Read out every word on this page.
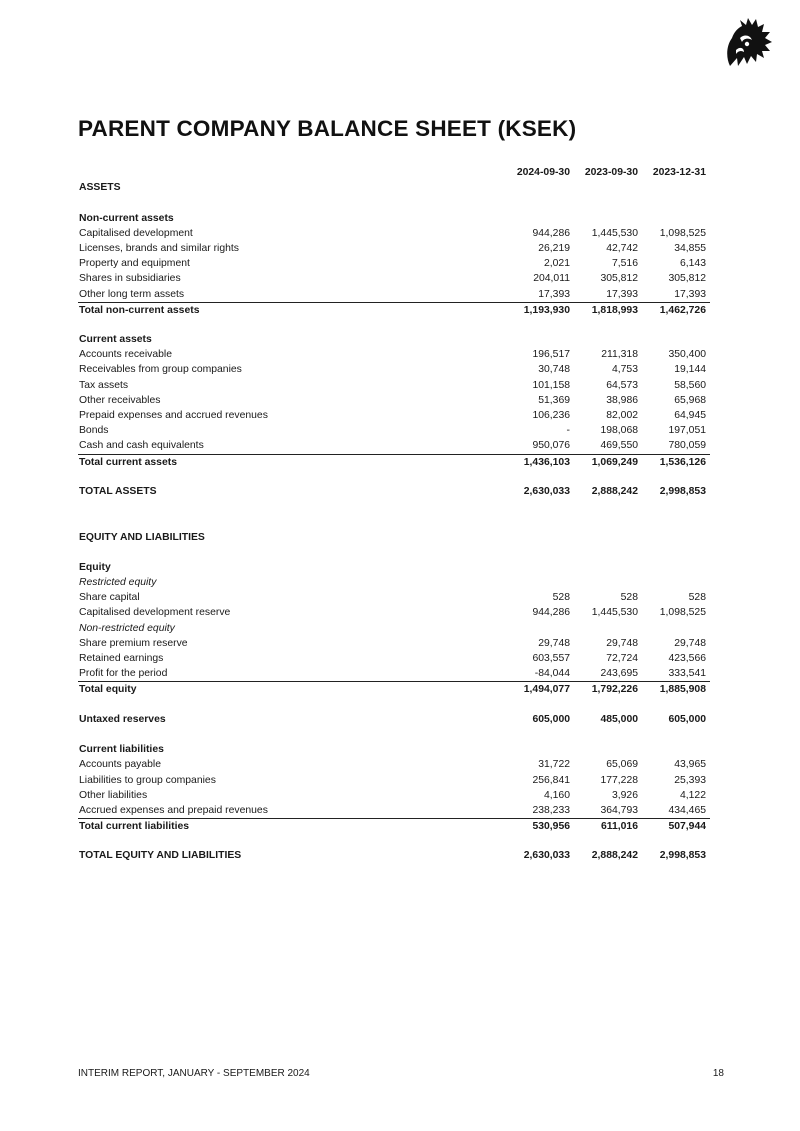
PARENT COMPANY BALANCE SHEET (KSEK)
2024-09-30	2023-09-30	2023-12-31
ASSETS
Non-current assets
Capitalised development	944,286	1,445,530	1,098,525
Licenses, brands and similar rights	26,219	42,742	34,855
Property and equipment	2,021	7,516	6,143
Shares in subsidiaries	204,011	305,812	305,812
Other long term assets	17,393	17,393	17,393
Total non-current assets	1,193,930	1,818,993	1,462,726
Current assets
Accounts receivable	196,517	211,318	350,400
Receivables from group companies	30,748	4,753	19,144
Tax assets	101,158	64,573	58,560
Other receivables	51,369	38,986	65,968
Prepaid expenses and accrued revenues	106,236	82,002	64,945
Bonds	-	198,068	197,051
Cash and cash equivalents	950,076	469,550	780,059
Total current assets	1,436,103	1,069,249	1,536,126
TOTAL ASSETS	2,630,033	2,888,242	2,998,853
EQUITY AND LIABILITIES
Equity
Restricted equity
Share capital	528	528	528
Capitalised development reserve	944,286	1,445,530	1,098,525
Non-restricted equity
Share premium reserve	29,748	29,748	29,748
Retained earnings	603,557	72,724	423,566
Profit for the period	-84,044	243,695	333,541
Total equity	1,494,077	1,792,226	1,885,908
Untaxed reserves	605,000	485,000	605,000
Current liabilities
Accounts payable	31,722	65,069	43,965
Liabilities to group companies	256,841	177,228	25,393
Other liabilities	4,160	3,926	4,122
Accrued expenses and prepaid revenues	238,233	364,793	434,465
Total current liabilities	530,956	611,016	507,944
TOTAL EQUITY AND LIABILITIES	2,630,033	2,888,242	2,998,853
INTERIM REPORT, JANUARY - SEPTEMBER 2024	18
